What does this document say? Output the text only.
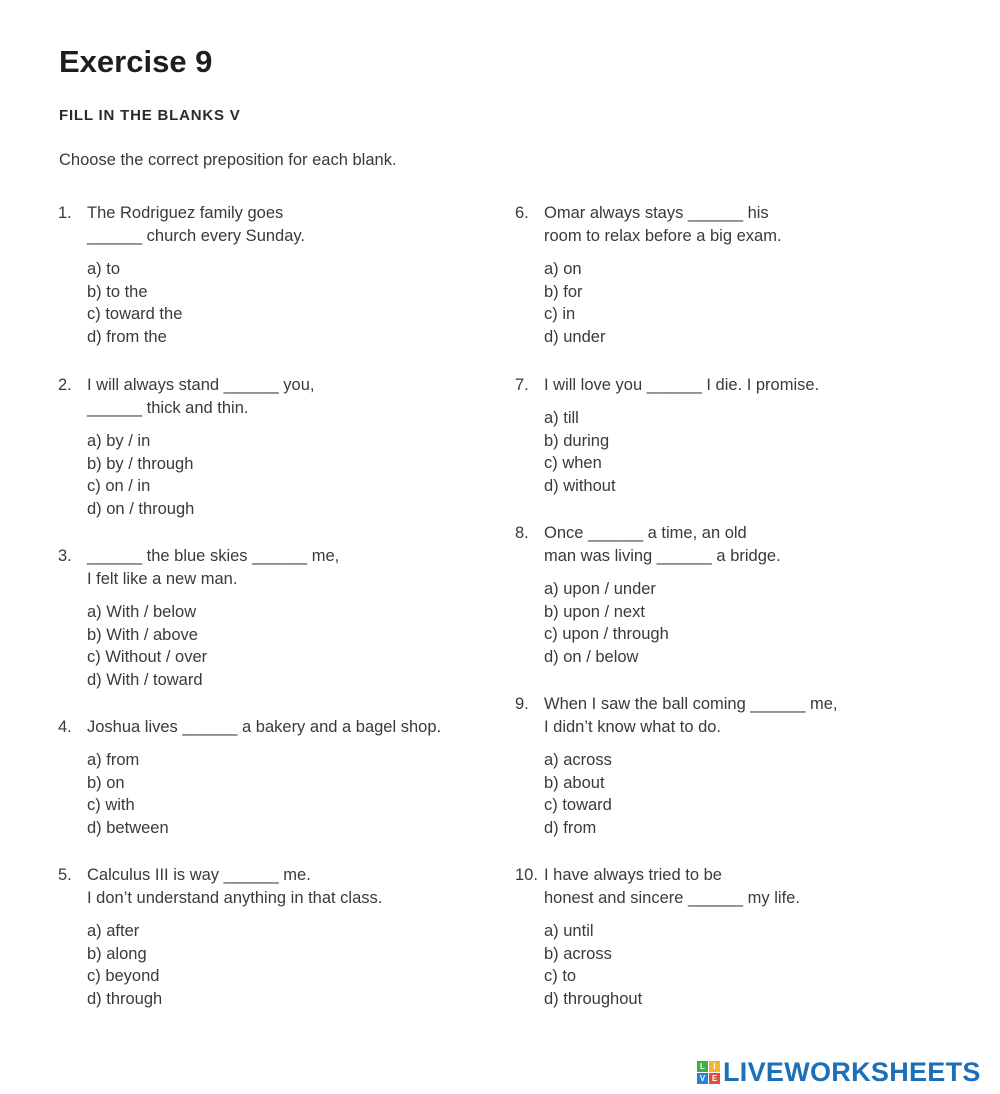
Exercise 9
FILL IN THE BLANKS V

Choose the correct preposition for each blank.

1. The Rodriguez family goes
______ church every Sunday.
a) to
b) to the
c) toward the
d) from the
2. I will always stand ______ you,
______ thick and thin.
a) by / in
b) by / through
c) on / in
d) on / through
3. ______ the blue skies ______ me,
I felt like a new man.
a) With / below
b) With / above
c) Without / over
d) With / toward
4. Joshua lives ______ a bakery and a bagel shop.
a) from
b) on
c) with
d) between
5. Calculus III is way ______ me.
I don’t understand anything in that class.
a) after
b) along
c) beyond
d) through
6. Omar always stays ______ his
room to relax before a big exam.
a) on
b) for
c) in
d) under
7. I will love you ______ I die. I promise.
a) till
b) during
c) when
d) without
8. Once ______ a time, an old
man was living ______ a bridge.
a) upon / under
b) upon / next
c) upon / through
d) on / below
9. When I saw the ball coming ______ me,
I didn’t know what to do.
a) across
b) about
c) toward
d) from
10. I have always tried to be
honest and sincere ______ my life.
a) until
b) across
c) to
d) throughout
L	I
V E LIVEWORKSHEETS
